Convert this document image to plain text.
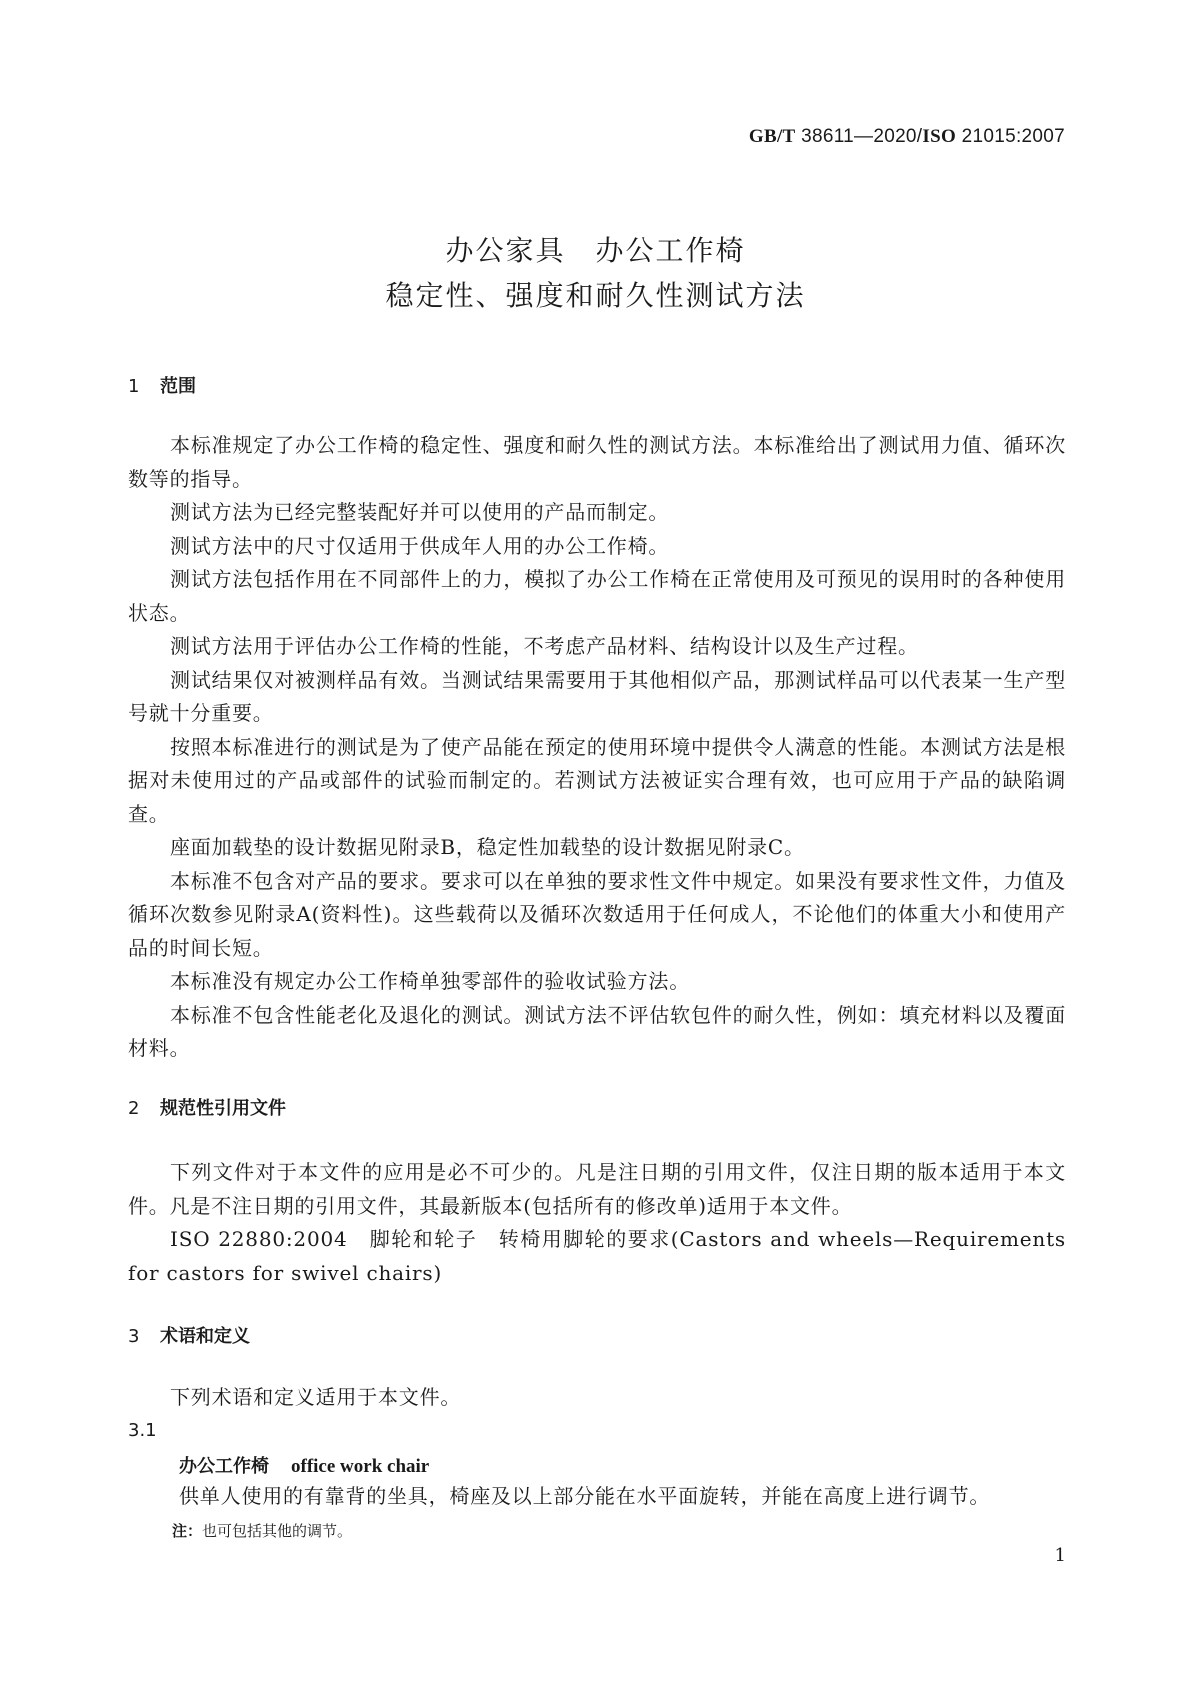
GB/T 38611—2020/ISO 21015:2007
办公家具　办公工作椅
稳定性、强度和耐久性测试方法
1 范围

本标准规定了办公工作椅的稳定性、强度和耐久性的测试方法。本标准给出了测试用力值、循环次数等的指导。

测试方法为已经完整装配好并可以使用的产品而制定。

测试方法中的尺寸仅适用于供成年人用的办公工作椅。

测试方法包括作用在不同部件上的力，模拟了办公工作椅在正常使用及可预见的误用时的各种使用状态。

测试方法用于评估办公工作椅的性能，不考虑产品材料、结构设计以及生产过程。

测试结果仅对被测样品有效。当测试结果需要用于其他相似产品，那测试样品可以代表某一生产型号就十分重要。

按照本标准进行的测试是为了使产品能在预定的使用环境中提供令人满意的性能。本测试方法是根据对未使用过的产品或部件的试验而制定的。若测试方法被证实合理有效，也可应用于产品的缺陷调查。

座面加载垫的设计数据见附录B，稳定性加载垫的设计数据见附录C。

本标准不包含对产品的要求。要求可以在单独的要求性文件中规定。如果没有要求性文件，力值及循环次数参见附录A(资料性)。这些载荷以及循环次数适用于任何成人，不论他们的体重大小和使用产品的时间长短。

本标准没有规定办公工作椅单独零部件的验收试验方法。

本标准不包含性能老化及退化的测试。测试方法不评估软包件的耐久性，例如：填充材料以及覆面材料。

2 规范性引用文件

下列文件对于本文件的应用是必不可少的。凡是注日期的引用文件，仅注日期的版本适用于本文件。凡是不注日期的引用文件，其最新版本(包括所有的修改单)适用于本文件。

ISO 22880:2004　脚轮和轮子　转椅用脚轮的要求(Castors and wheels—Requirements for castors for swivel chairs)

3 术语和定义

下列术语和定义适用于本文件。

3.1
办公工作椅 office work chair
供单人使用的有靠背的坐具，椅座及以上部分能在水平面旋转，并能在高度上进行调节。
注：也可包括其他的调节。
1
